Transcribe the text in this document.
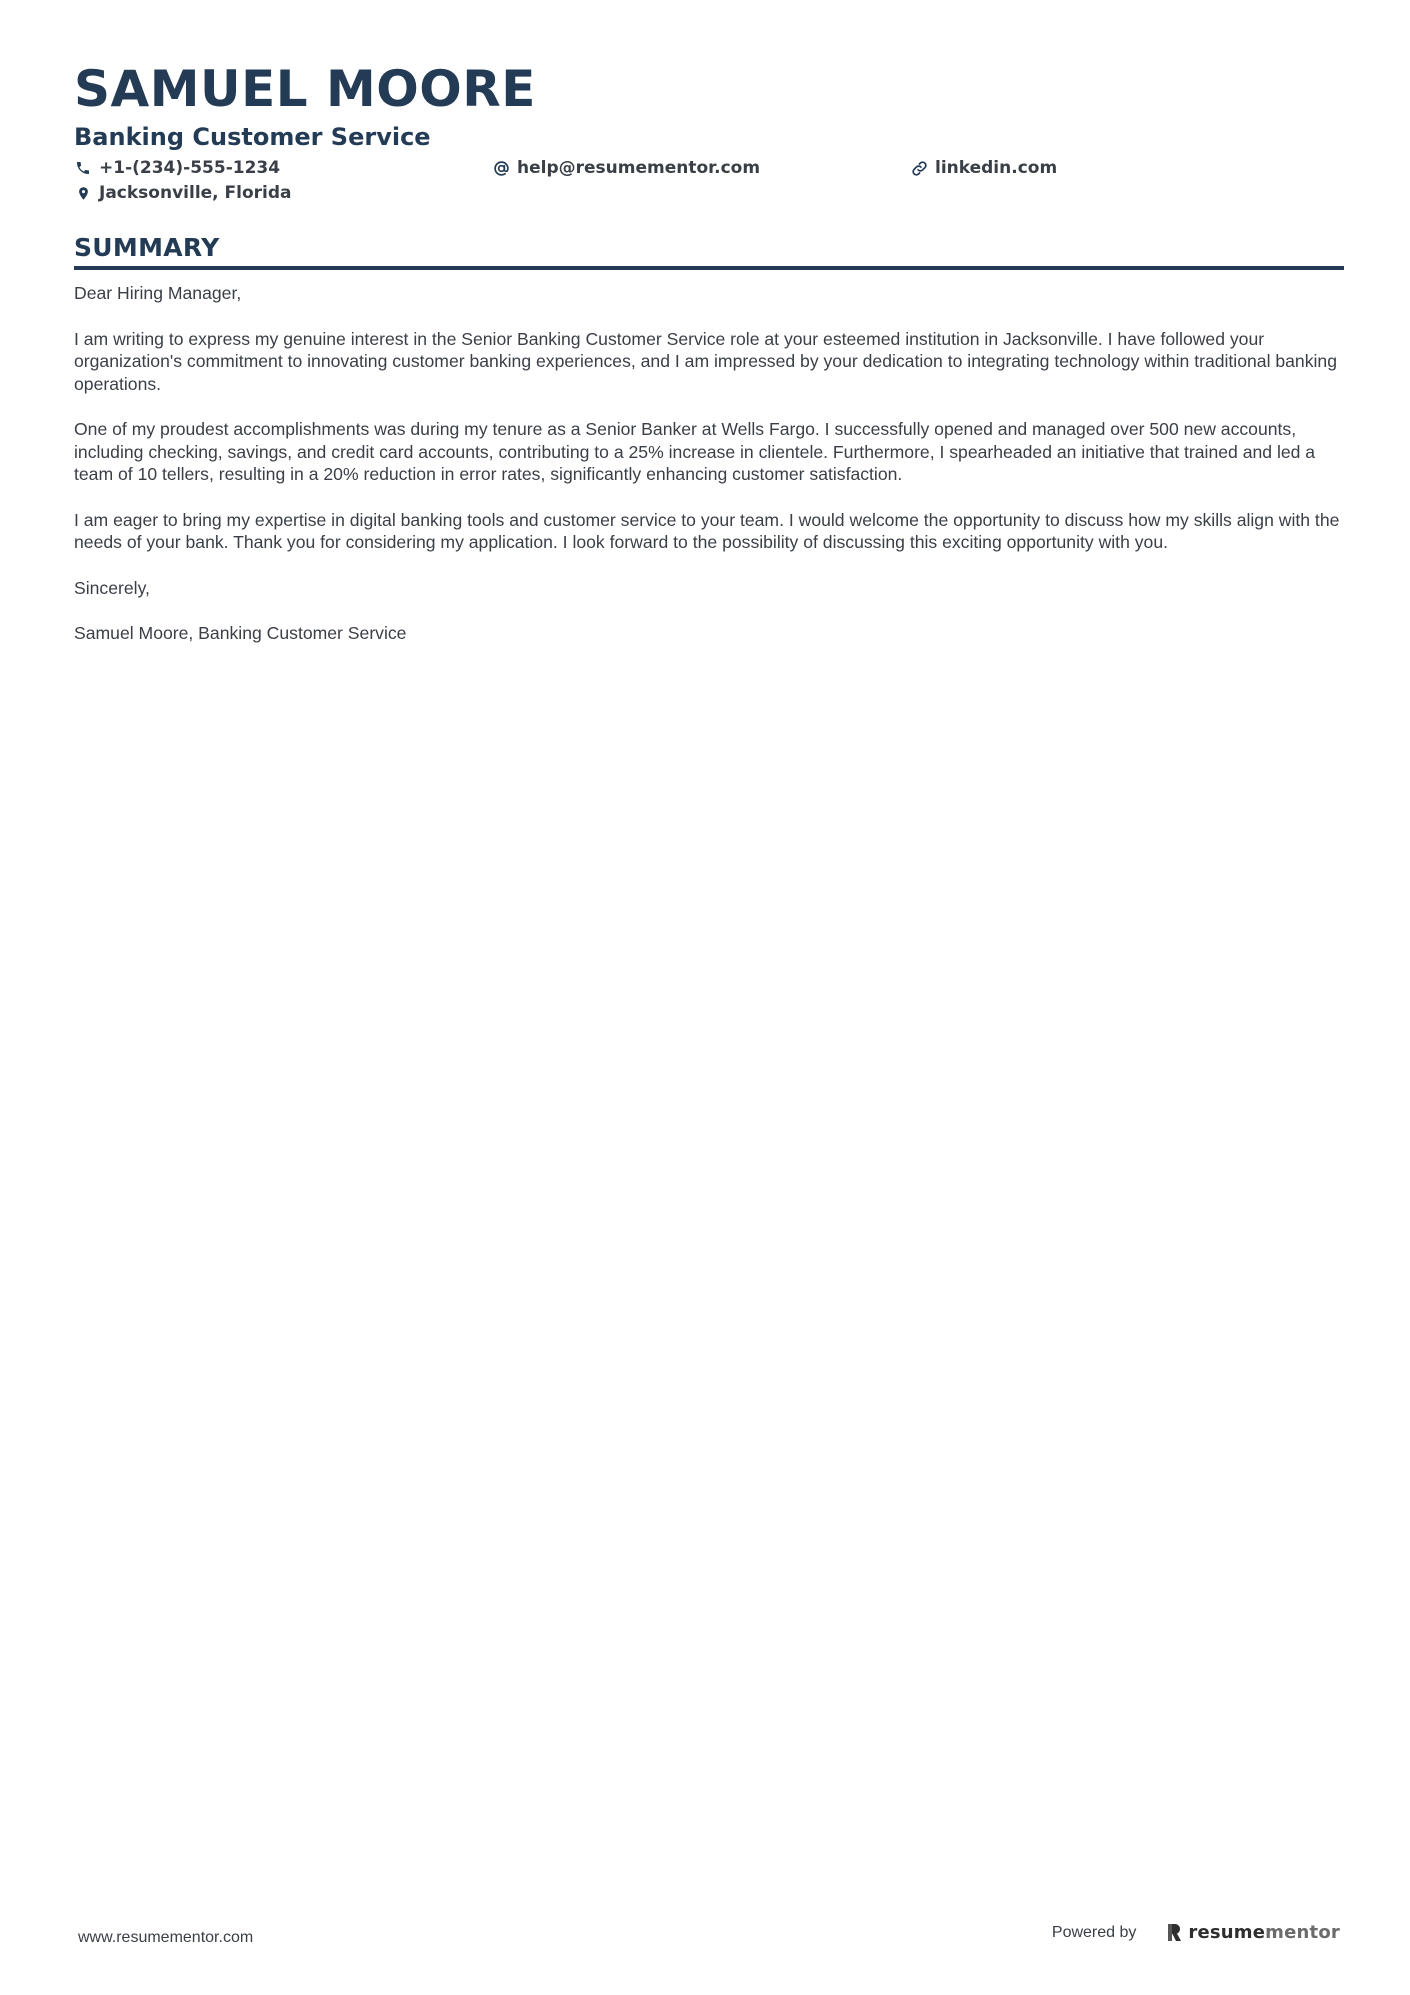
SAMUEL MOORE
Banking Customer Service
+1-(234)-555-1234	help@resumementor.com	linkedin.com
Jacksonville, Florida
SUMMARY

Dear Hiring Manager,

I am writing to express my genuine interest in the Senior Banking Customer Service role at your esteemed institution in Jacksonville. I have followed your organization's commitment to innovating customer banking experiences, and I am impressed by your dedication to integrating technology within traditional banking operations.

One of my proudest accomplishments was during my tenure as a Senior Banker at Wells Fargo. I successfully opened and managed over 500 new accounts, including checking, savings, and credit card accounts, contributing to a 25% increase in clientele. Furthermore, I spearheaded an initiative that trained and led a team of 10 tellers, resulting in a 20% reduction in error rates, significantly enhancing customer satisfaction.

I am eager to bring my expertise in digital banking tools and customer service to your team. I would welcome the opportunity to discuss how my skills align with the needs of your bank. Thank you for considering my application. I look forward to the possibility of discussing this exciting opportunity with you.

Sincerely,

Samuel Moore, Banking Customer Service

www.resumementor.com	Powered by	resume mentor
